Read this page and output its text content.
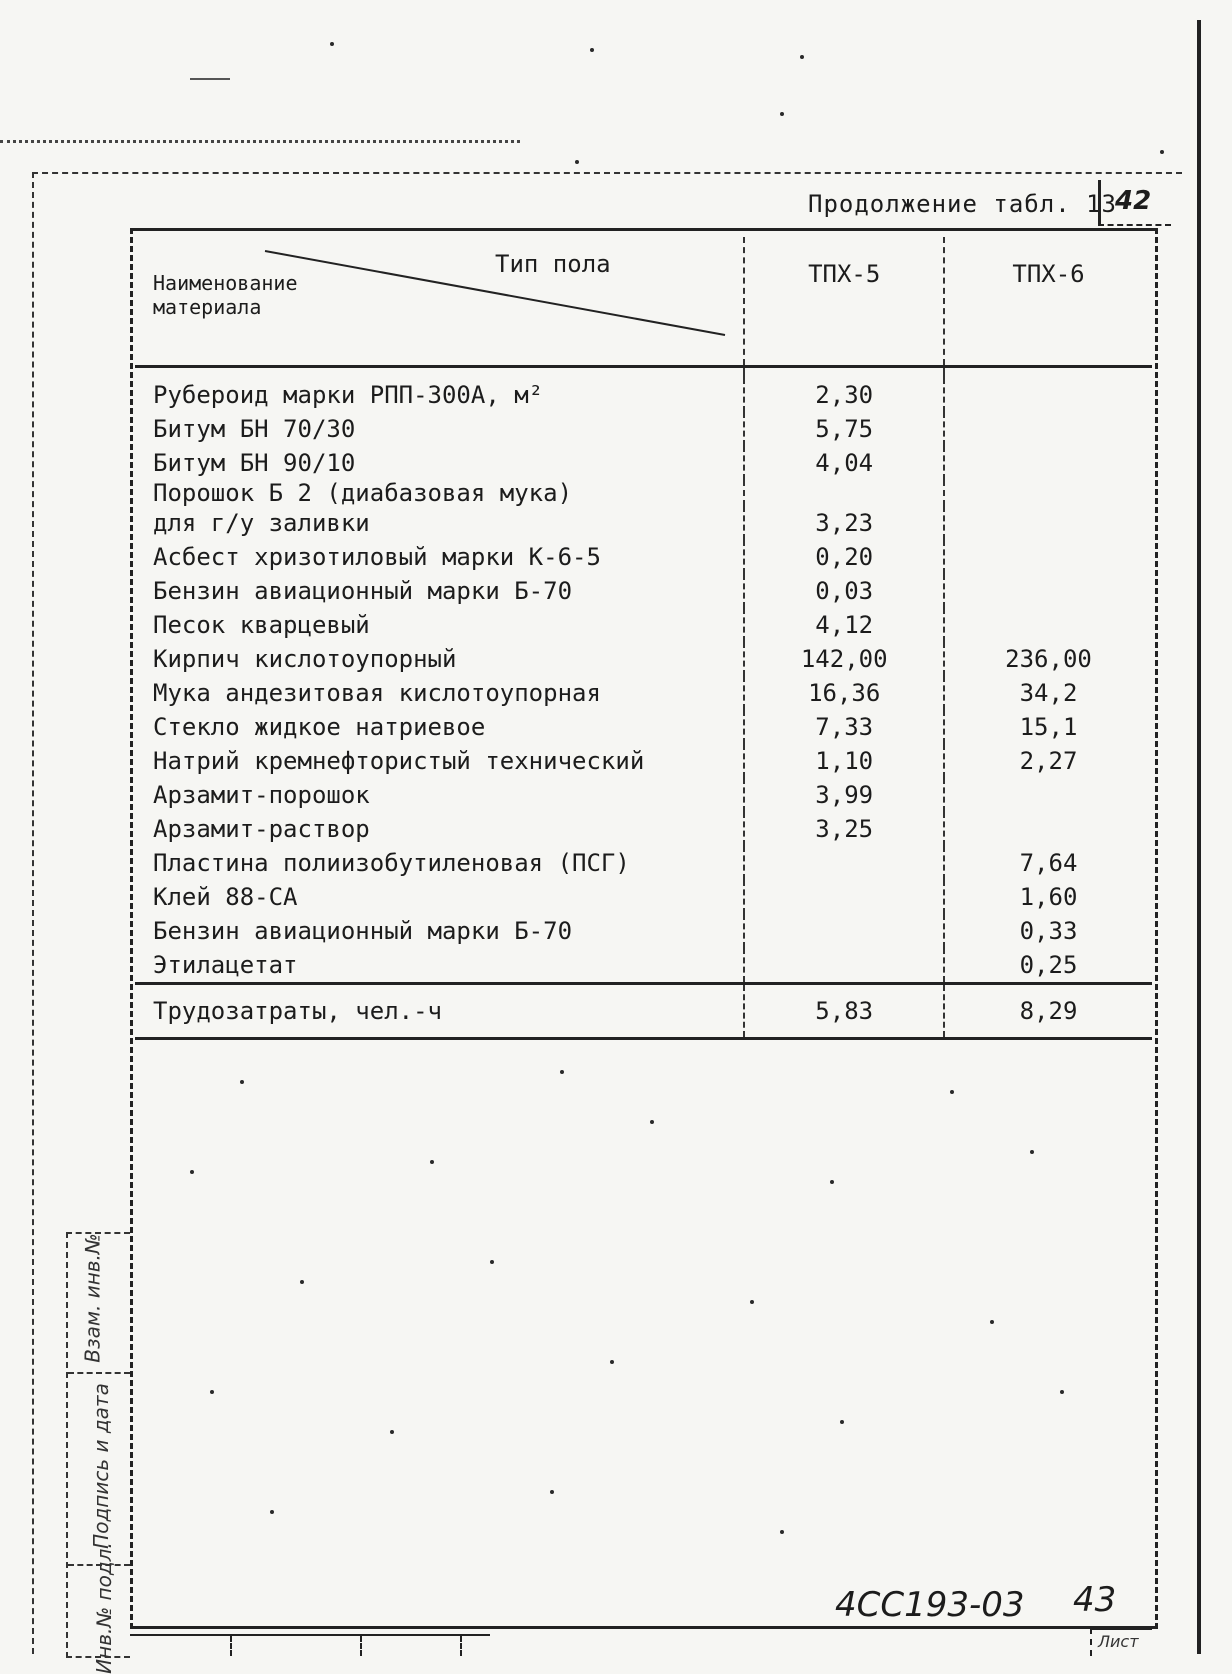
Продолжение табл. 13
42
Тип пола
Наименование материала	ТПХ-5	ТПХ-6

Рубероид марки РПП-300А, м²	2,30	
Битум БН 70/30	5,75	
Битум БН 90/10	4,04	
Порошок Б 2 (диабазовая мука)		
для г/у заливки	3,23	
Асбест хризотиловый марки К-6-5	0,20	
Бензин авиационный марки Б-70	0,03	
Песок кварцевый	4,12	
Кирпич кислотоупорный	142,00	236,00
Мука андезитовая кислотоупорная	16,36	34,2
Стекло жидкое натриевое	7,33	15,1
Натрий кремнефтористый технический	1,10	2,27
Арзамит-порошок	3,99	
Арзамит-раствор	3,25	
Пластина полиизобутиленовая (ПСГ)		7,64
Клей 88-СА		1,60
Бензин авиационный марки Б-70		0,33
Этилацетат		0,25
Трудозатраты, чел.-ч	5,83	8,29
Взам. инв.№
Подпись и дата
Инв.№ подл.	4СС193-03 43
Лист
